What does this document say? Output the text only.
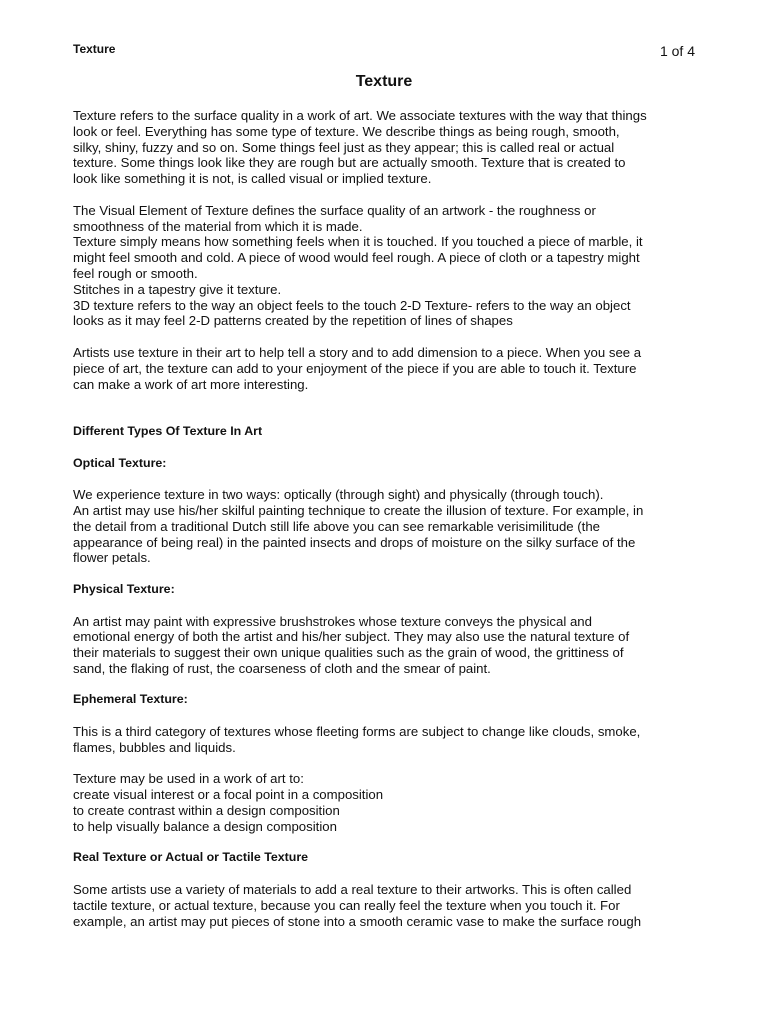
Texture	1 of 4
Texture

Texture refers to the surface quality in a work of art. We associate textures with the way that things
look or feel. Everything has some type of texture. We describe things as being rough, smooth,
silky, shiny, fuzzy and so on. Some things feel just as they appear; this is called real or actual
texture. Some things look like they are rough but are actually smooth. Texture that is created to
look like something it is not, is called visual or implied texture.

The Visual Element of Texture defines the surface quality of an artwork - the roughness or
smoothness of the material from which it is made.
Texture simply means how something feels when it is touched. If you touched a piece of marble, it
might feel smooth and cold. A piece of wood would feel rough. A piece of cloth or a tapestry might
feel rough or smooth.
Stitches in a tapestry give it texture.
3D texture refers to the way an object feels to the touch 2-D Texture- refers to the way an object
looks as it may feel 2-D patterns created by the repetition of lines of shapes

Artists use texture in their art to help tell a story and to add dimension to a piece. When you see a
piece of art, the texture can add to your enjoyment of the piece if you are able to touch it. Texture
can make a work of art more interesting.

Different Types Of Texture In Art
Optical Texture:

We experience texture in two ways: optically (through sight) and physically (through touch).
An artist may use his/her skilful painting technique to create the illusion of texture. For example, in
the detail from a traditional Dutch still life above you can see remarkable verisimilitude (the
appearance of being real) in the painted insects and drops of moisture on the silky surface of the
flower petals.

Physical Texture:

An artist may paint with expressive brushstrokes whose texture conveys the physical and
emotional energy of both the artist and his/her subject. They may also use the natural texture of
their materials to suggest their own unique qualities such as the grain of wood, the grittiness of
sand, the flaking of rust, the coarseness of cloth and the smear of paint.

Ephemeral Texture:

This is a third category of textures whose fleeting forms are subject to change like clouds, smoke,
flames, bubbles and liquids.

Texture may be used in a work of art to:
create visual interest or a focal point in a composition
to create contrast within a design composition
to help visually balance a design composition

Real Texture or Actual or Tactile Texture

Some artists use a variety of materials to add a real texture to their artworks. This is often called
tactile texture, or actual texture, because you can really feel the texture when you touch it. For
example, an artist may put pieces of stone into a smooth ceramic vase to make the surface rough
